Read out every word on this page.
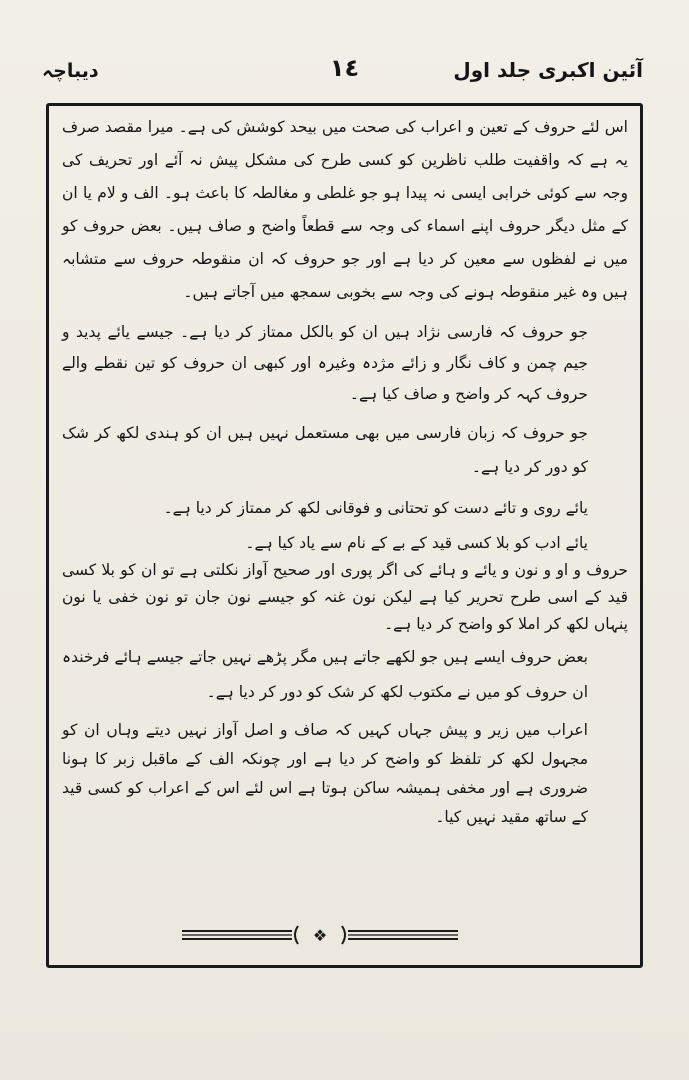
آئین اکبری جلد اول
١٤
دیباچہ

اس لئے حروف کے تعین و اعراب کی صحت میں بیحد کوشش کی ہے۔ میرا مقصد صرف یہ ہے کہ واقفیت طلب ناظرین کو کسی طرح کی مشکل پیش نہ آئے اور تحریف کی وجہ سے کوئی خرابی ایسی نہ پیدا ہو جو غلطی و مغالطہ کا باعث ہو۔ الف و لام یا ان کے مثل دیگر حروف اپنے اسماء کی وجہ سے قطعاً واضح و صاف ہیں۔ بعض حروف کو میں نے لفظوں سے معین کر دیا ہے اور جو حروف کہ ان منقوطہ حروف سے متشابہ ہیں وہ غیر منقوطہ ہونے کی وجہ سے بخوبی سمجھ میں آجاتے ہیں۔

جو حروف کہ فارسی نژاد ہیں ان کو بالکل ممتاز کر دیا ہے۔ جیسے یائے پدید و جیم چمن و کاف نگار و زائے مژدہ وغیرہ اور کبھی ان حروف کو تین نقطے والے حروف کہہ کر واضح و صاف کیا ہے۔

جو حروف کہ زبان فارسی میں بھی مستعمل نہیں ہیں ان کو ہندی لکھ کر شک کو دور کر دیا ہے۔

یائے روی و تائے دست کو تحتانی و فوقانی لکھ کر ممتاز کر دیا ہے۔

یائے ادب کو بلا کسی قید کے بے کے نام سے یاد کیا ہے۔

حروف و او و نون و یائے و ہائے کی اگر پوری اور صحیح آواز نکلتی ہے تو ان کو بلا کسی قید کے اسی طرح تحریر کیا ہے لیکن نون غنہ کو جیسے نون جان تو نون خفی یا نون پنہاں لکھ کر املا کو واضح کر دیا ہے۔

بعض حروف ایسے ہیں جو لکھے جاتے ہیں مگر پڑھے نہیں جاتے جیسے ہائے فرخندہ ان حروف کو میں نے مکتوب لکھ کر شک کو دور کر دیا ہے۔

اعراب میں زیر و پیش جہاں کہیں کہ صاف و اصل آواز نہیں دیتے وہاں ان کو مجہول لکھ کر تلفظ کو واضح کر دیا ہے اور چونکہ الف کے ماقبل زبر کا ہونا ضروری ہے اور مخفی ہمیشہ ساکن ہوتا ہے اس لئے اس کے اعراب کو کسی قید کے ساتھ مقید نہیں کیا۔

❖
